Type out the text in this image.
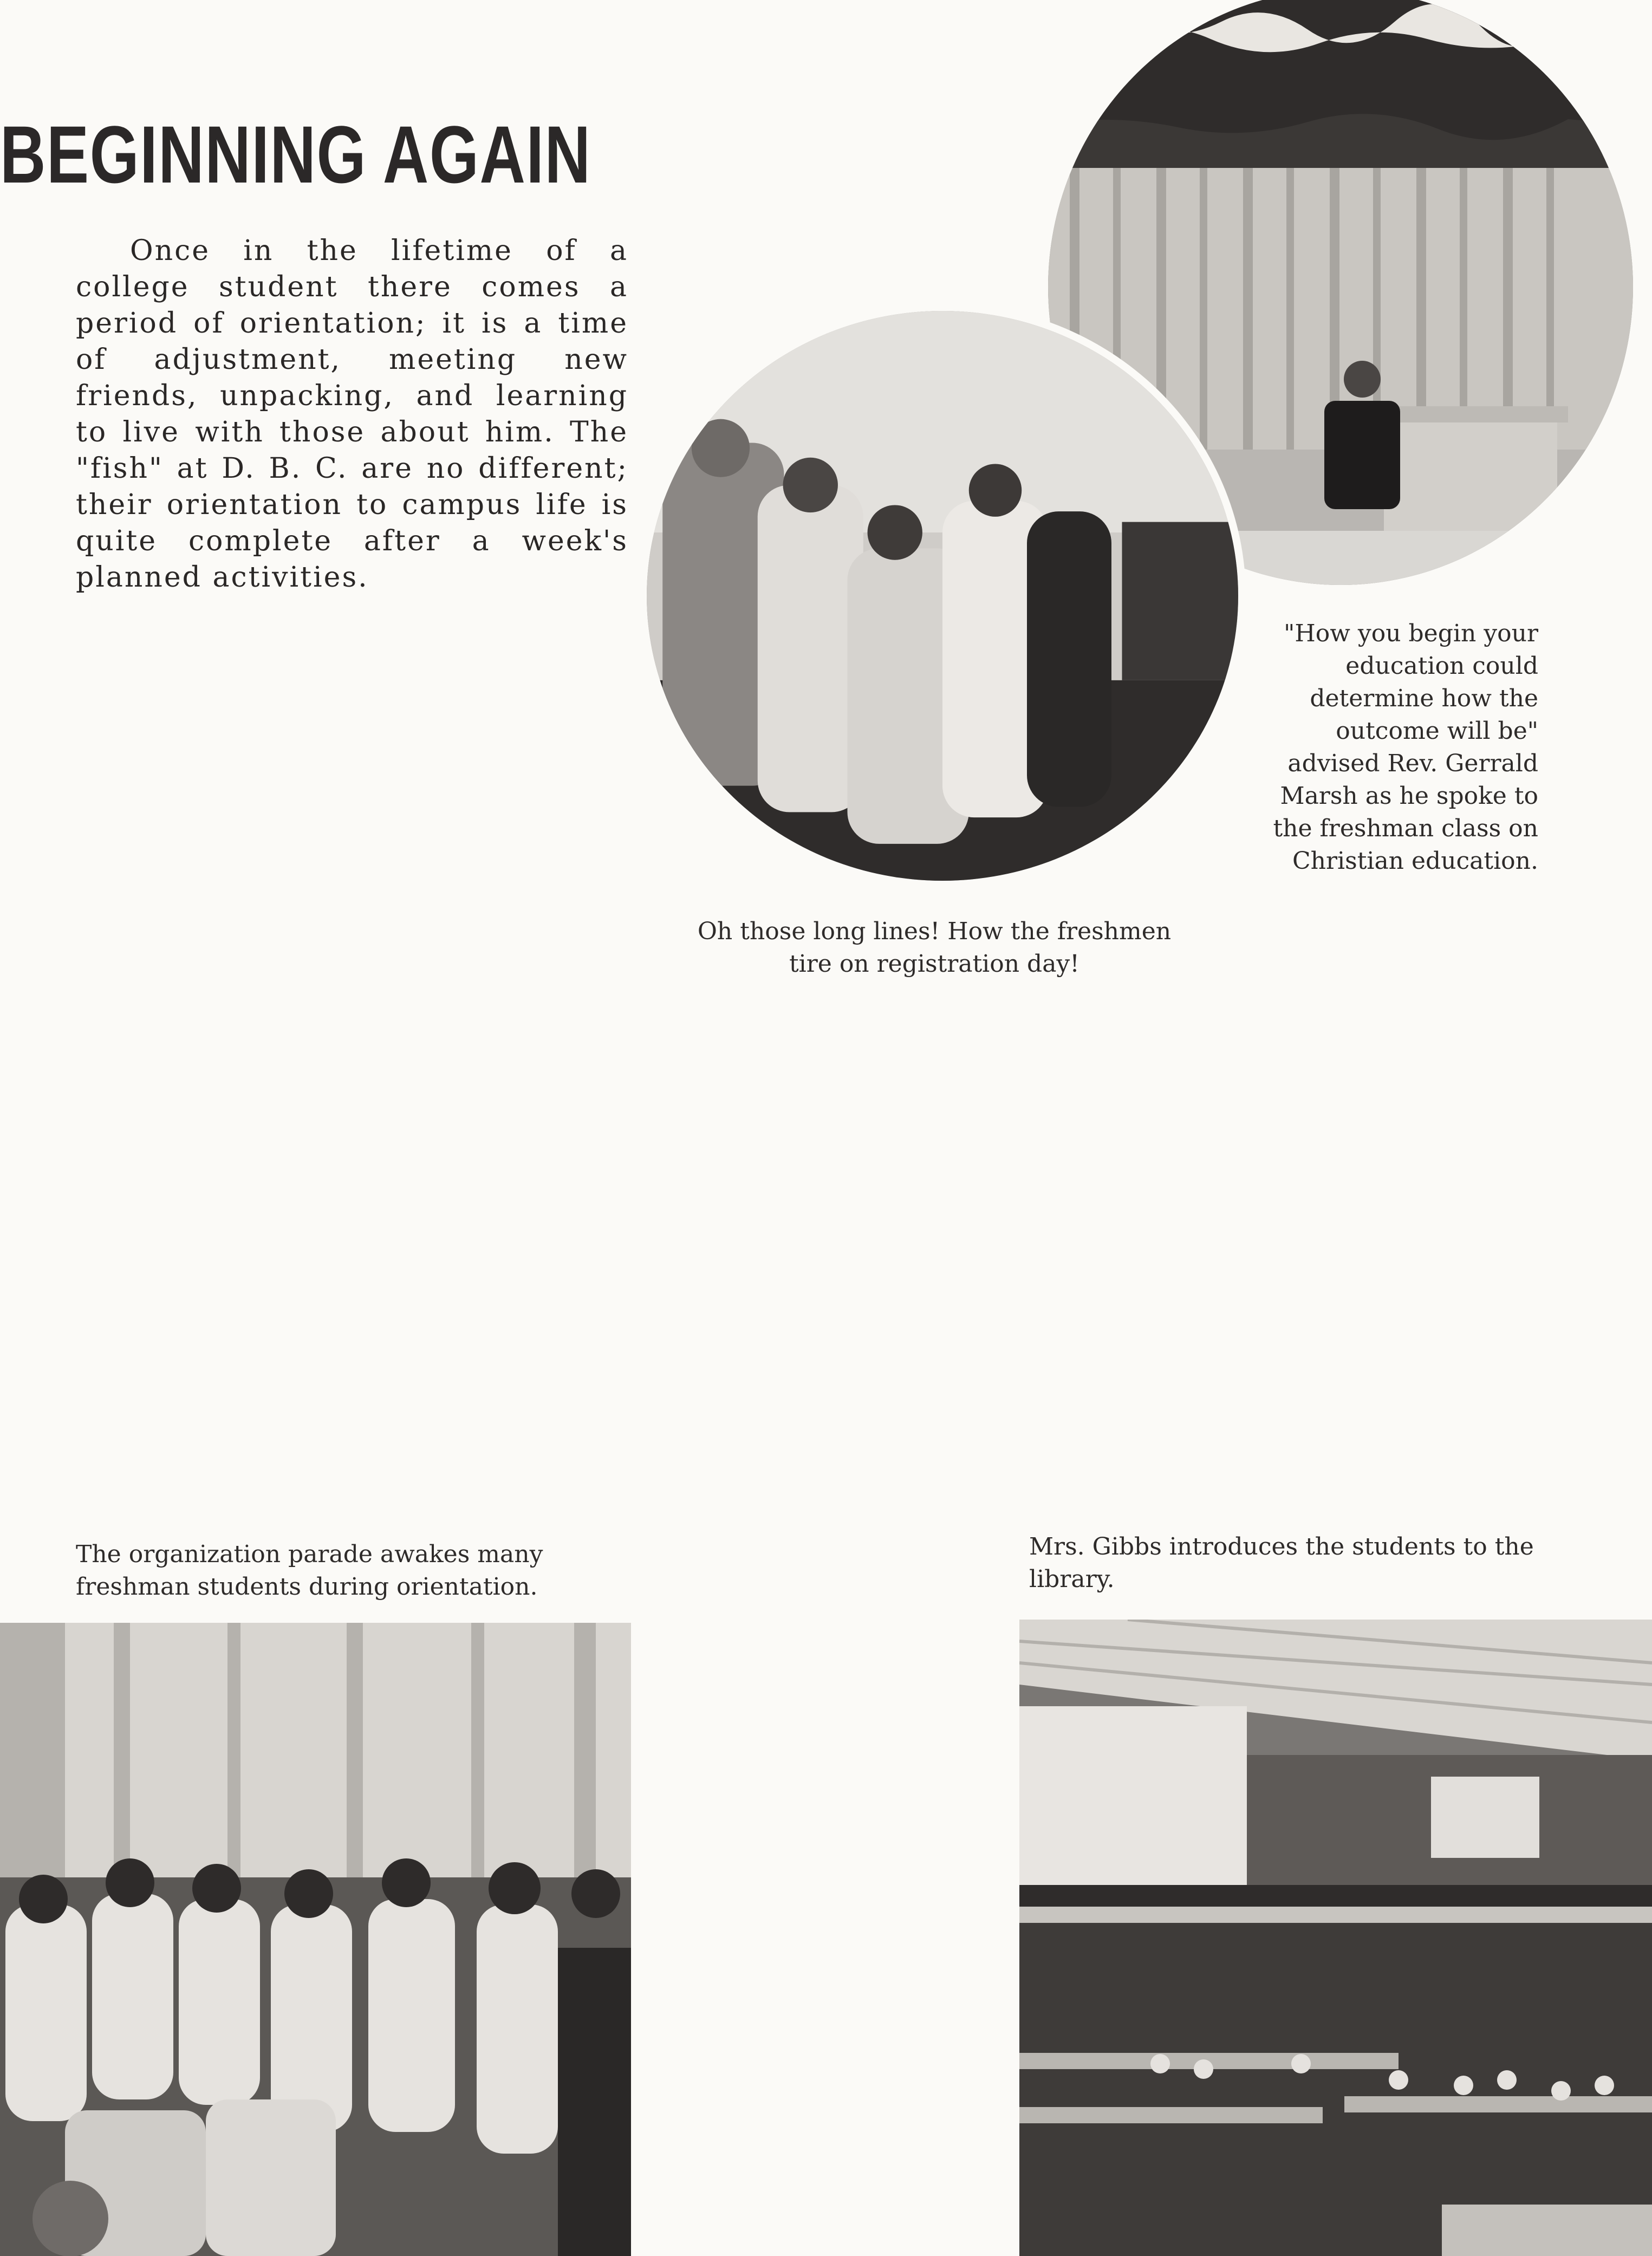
BEGINNING AGAIN
Once in the lifetime of a college student there comes a period of orientation; it is a time of adjustment, meeting new friends, unpacking, and learning to live with those about him. The "fish" at D. B. C. are no different; their orientation to campus life is quite complete after a week's planned activities.
"How you begin your education could determine how the outcome will be" advised Rev. Gerrald Marsh as he spoke to the freshman class on Christian education.
Oh those long lines! How the freshmen tire on registration day!
The organization parade awakes many freshman students during orientation.
Mrs. Gibbs introduces the students to the library.
